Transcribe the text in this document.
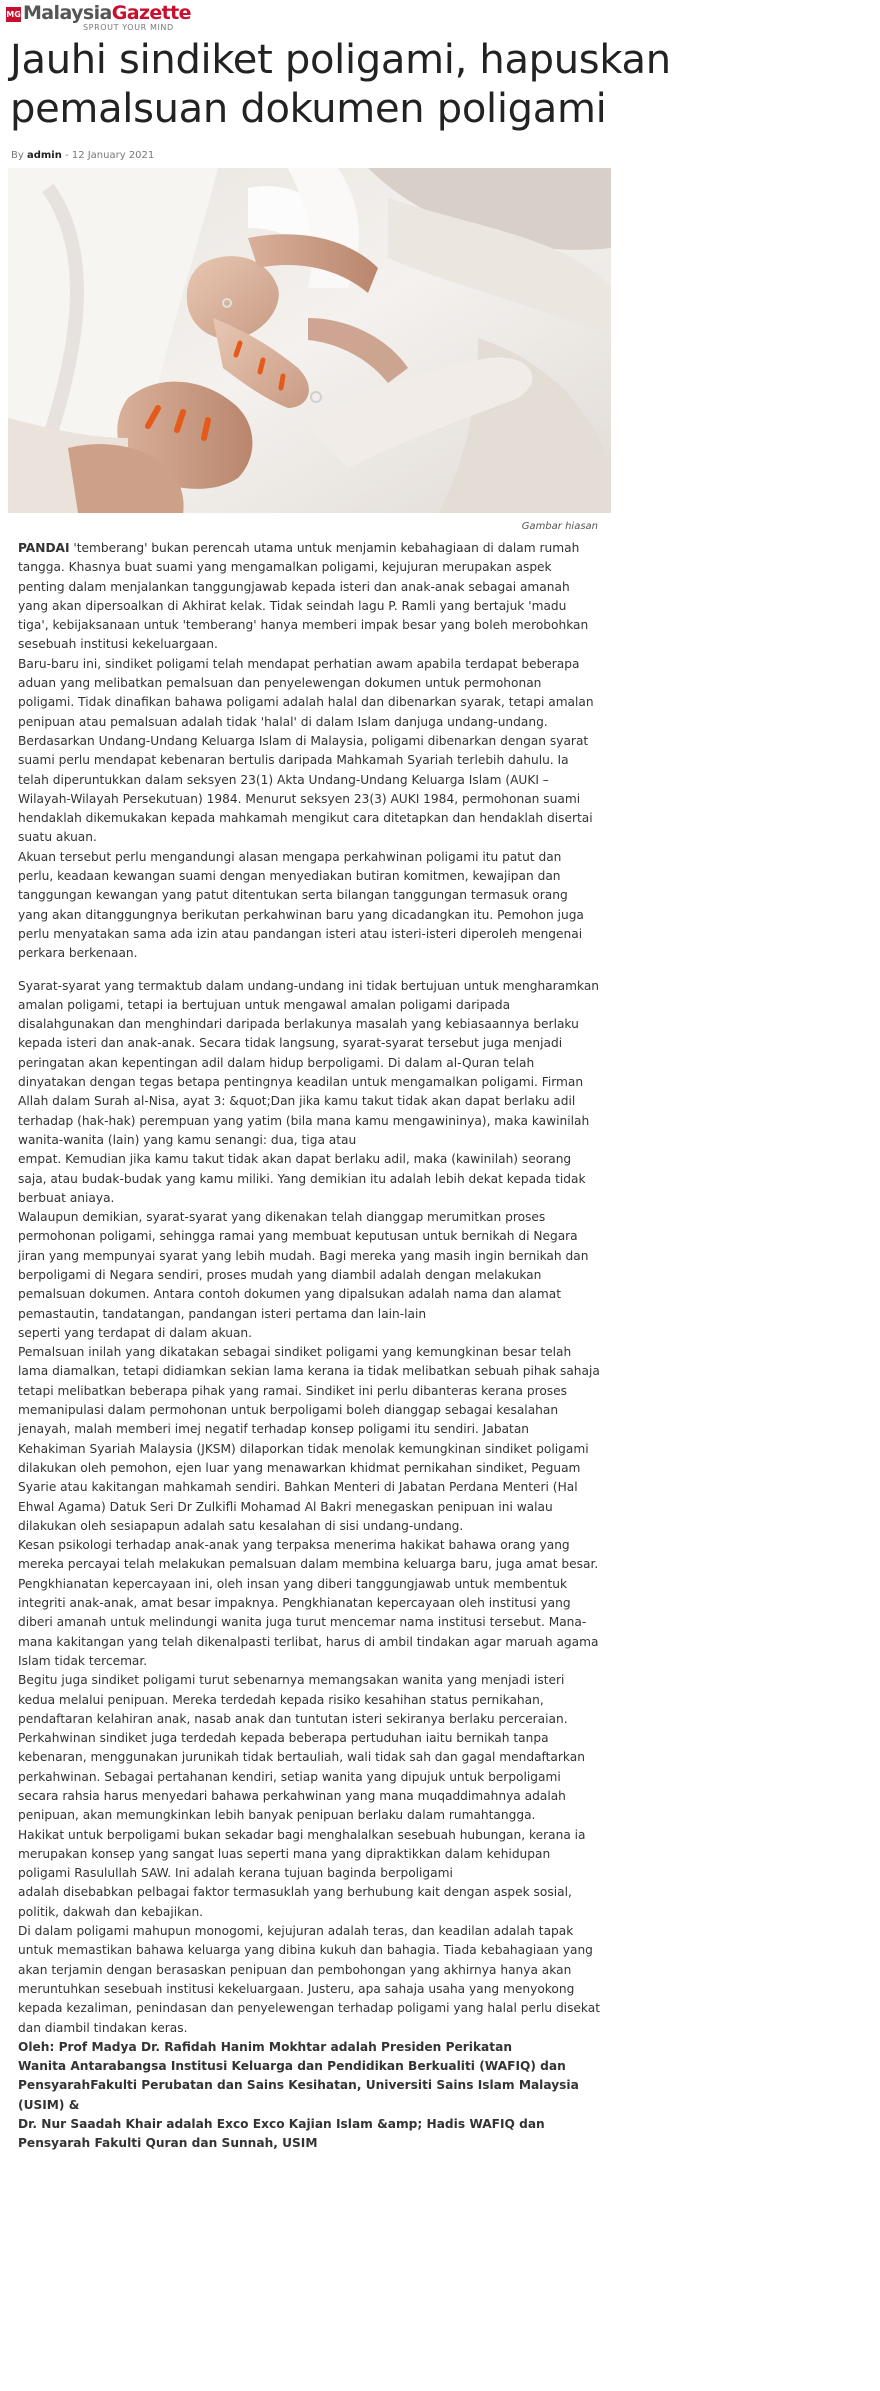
MG MalaysiaGazette
SPROUT YOUR MIND
Jauhi sindiket poligami, hapuskan pemalsuan dokumen poligami
By admin - 12 January 2021
Gambar hiasan

PANDAI 'temberang' bukan perencah utama untuk menjamin kebahagiaan di dalam rumah tangga. Khasnya buat suami yang mengamalkan poligami, kejujuran merupakan aspek penting dalam menjalankan tanggungjawab kepada isteri dan anak-anak sebagai amanah yang akan dipersoalkan di Akhirat kelak. Tidak seindah lagu P. Ramli yang bertajuk 'madu tiga', kebijaksanaan untuk 'temberang' hanya memberi impak besar yang boleh merobohkan sesebuah institusi kekeluargaan.

Baru-baru ini, sindiket poligami telah mendapat perhatian awam apabila terdapat beberapa aduan yang melibatkan pemalsuan dan penyelewengan dokumen untuk permohonan poligami. Tidak dinafikan bahawa poligami adalah halal dan dibenarkan syarak, tetapi amalan penipuan atau pemalsuan adalah tidak 'halal' di dalam Islam danjuga undang-undang.

Berdasarkan Undang-Undang Keluarga Islam di Malaysia, poligami dibenarkan dengan syarat suami perlu mendapat kebenaran bertulis daripada Mahkamah Syariah terlebih dahulu. Ia telah diperuntukkan dalam seksyen 23(1) Akta Undang-Undang Keluarga Islam (AUKI – Wilayah-Wilayah Persekutuan) 1984. Menurut seksyen 23(3) AUKI 1984, permohonan suami hendaklah dikemukakan kepada mahkamah mengikut cara ditetapkan dan hendaklah disertai suatu akuan.

Akuan tersebut perlu mengandungi alasan mengapa perkahwinan poligami itu patut dan perlu, keadaan kewangan suami dengan menyediakan butiran komitmen, kewajipan dan tanggungan kewangan yang patut ditentukan serta bilangan tanggungan termasuk orang yang akan ditanggungnya berikutan perkahwinan baru yang dicadangkan itu. Pemohon juga perlu menyatakan sama ada izin atau pandangan isteri atau isteri-isteri diperoleh mengenai perkara berkenaan.

Syarat-syarat yang termaktub dalam undang-undang ini tidak bertujuan untuk mengharamkan amalan poligami, tetapi ia bertujuan untuk mengawal amalan poligami daripada disalahgunakan dan menghindari daripada berlakunya masalah yang kebiasaannya berlaku kepada isteri dan anak-anak. Secara tidak langsung, syarat-syarat tersebut juga menjadi peringatan akan kepentingan adil dalam hidup berpoligami. Di dalam al-Quran telah dinyatakan dengan tegas betapa pentingnya keadilan untuk mengamalkan poligami. Firman Allah dalam Surah al-Nisa, ayat 3: &quot;Dan jika kamu takut tidak akan dapat berlaku adil terhadap (hak-hak) perempuan yang yatim (bila mana kamu mengawininya), maka kawinilah wanita-wanita (lain) yang kamu senangi: dua, tiga atau

empat. Kemudian jika kamu takut tidak akan dapat berlaku adil, maka (kawinilah) seorang saja, atau budak-budak yang kamu miliki. Yang demikian itu adalah lebih dekat kepada tidak berbuat aniaya.

Walaupun demikian, syarat-syarat yang dikenakan telah dianggap merumitkan proses permohonan poligami, sehingga ramai yang membuat keputusan untuk bernikah di Negara jiran yang mempunyai syarat yang lebih mudah. Bagi mereka yang masih ingin bernikah dan berpoligami di Negara sendiri, proses mudah yang diambil adalah dengan melakukan pemalsuan dokumen. Antara contoh dokumen yang dipalsukan adalah nama dan alamat pemastautin, tandatangan, pandangan isteri pertama dan lain-lain

seperti yang terdapat di dalam akuan.

Pemalsuan inilah yang dikatakan sebagai sindiket poligami yang kemungkinan besar telah lama diamalkan, tetapi didiamkan sekian lama kerana ia tidak melibatkan sebuah pihak sahaja tetapi melibatkan beberapa pihak yang ramai. Sindiket ini perlu dibanteras kerana proses memanipulasi dalam permohonan untuk berpoligami boleh dianggap sebagai kesalahan jenayah, malah memberi imej negatif terhadap konsep poligami itu sendiri. Jabatan Kehakiman Syariah Malaysia (JKSM) dilaporkan tidak menolak kemungkinan sindiket poligami dilakukan oleh pemohon, ejen luar yang menawarkan khidmat pernikahan sindiket, Peguam Syarie atau kakitangan mahkamah sendiri. Bahkan Menteri di Jabatan Perdana Menteri (Hal Ehwal Agama) Datuk Seri Dr Zulkifli Mohamad Al Bakri menegaskan penipuan ini walau dilakukan oleh sesiapapun adalah satu kesalahan di sisi undang-undang.

Kesan psikologi terhadap anak-anak yang terpaksa menerima hakikat bahawa orang yang mereka percayai telah melakukan pemalsuan dalam membina keluarga baru, juga amat besar. Pengkhianatan kepercayaan ini, oleh insan yang diberi tanggungjawab untuk membentuk integriti anak-anak, amat besar impaknya. Pengkhianatan kepercayaan oleh institusi yang diberi amanah untuk melindungi wanita juga turut mencemar nama institusi tersebut. Mana-mana kakitangan yang telah dikenalpasti terlibat, harus di ambil tindakan agar maruah agama Islam tidak tercemar.

Begitu juga sindiket poligami turut sebenarnya memangsakan wanita yang menjadi isteri kedua melalui penipuan. Mereka terdedah kepada risiko kesahihan status pernikahan, pendaftaran kelahiran anak, nasab anak dan tuntutan isteri sekiranya berlaku perceraian. Perkahwinan sindiket juga terdedah kepada beberapa pertuduhan iaitu bernikah tanpa kebenaran, menggunakan jurunikah tidak bertauliah, wali tidak sah dan gagal mendaftarkan perkahwinan. Sebagai pertahanan kendiri, setiap wanita yang dipujuk untuk berpoligami secara rahsia harus menyedari bahawa perkahwinan yang mana muqaddimahnya adalah penipuan, akan memungkinkan lebih banyak penipuan berlaku dalam rumahtangga.

Hakikat untuk berpoligami bukan sekadar bagi menghalalkan sesebuah hubungan, kerana ia merupakan konsep yang sangat luas seperti mana yang dipraktikkan dalam kehidupan poligami Rasulullah SAW. Ini adalah kerana tujuan baginda berpoligami

adalah disebabkan pelbagai faktor termasuklah yang berhubung kait dengan aspek sosial, politik, dakwah dan kebajikan.

Di dalam poligami mahupun monogomi, kejujuran adalah teras, dan keadilan adalah tapak untuk memastikan bahawa keluarga yang dibina kukuh dan bahagia. Tiada kebahagiaan yang akan terjamin dengan berasaskan penipuan dan pembohongan yang akhirnya hanya akan meruntuhkan sesebuah institusi kekeluargaan. Justeru, apa sahaja usaha yang menyokong kepada kezaliman, penindasan dan penyelewengan terhadap poligami yang halal perlu disekat dan diambil tindakan keras.

Oleh: Prof Madya Dr. Rafidah Hanim Mokhtar adalah Presiden Perikatan

Wanita Antarabangsa Institusi Keluarga dan Pendidikan Berkualiti (WAFIQ) dan PensyarahFakulti Perubatan dan Sains Kesihatan, Universiti Sains Islam Malaysia (USIM) &

Dr. Nur Saadah Khair adalah Exco Exco Kajian Islam &amp; Hadis WAFIQ dan Pensyarah Fakulti Quran dan Sunnah, USIM
